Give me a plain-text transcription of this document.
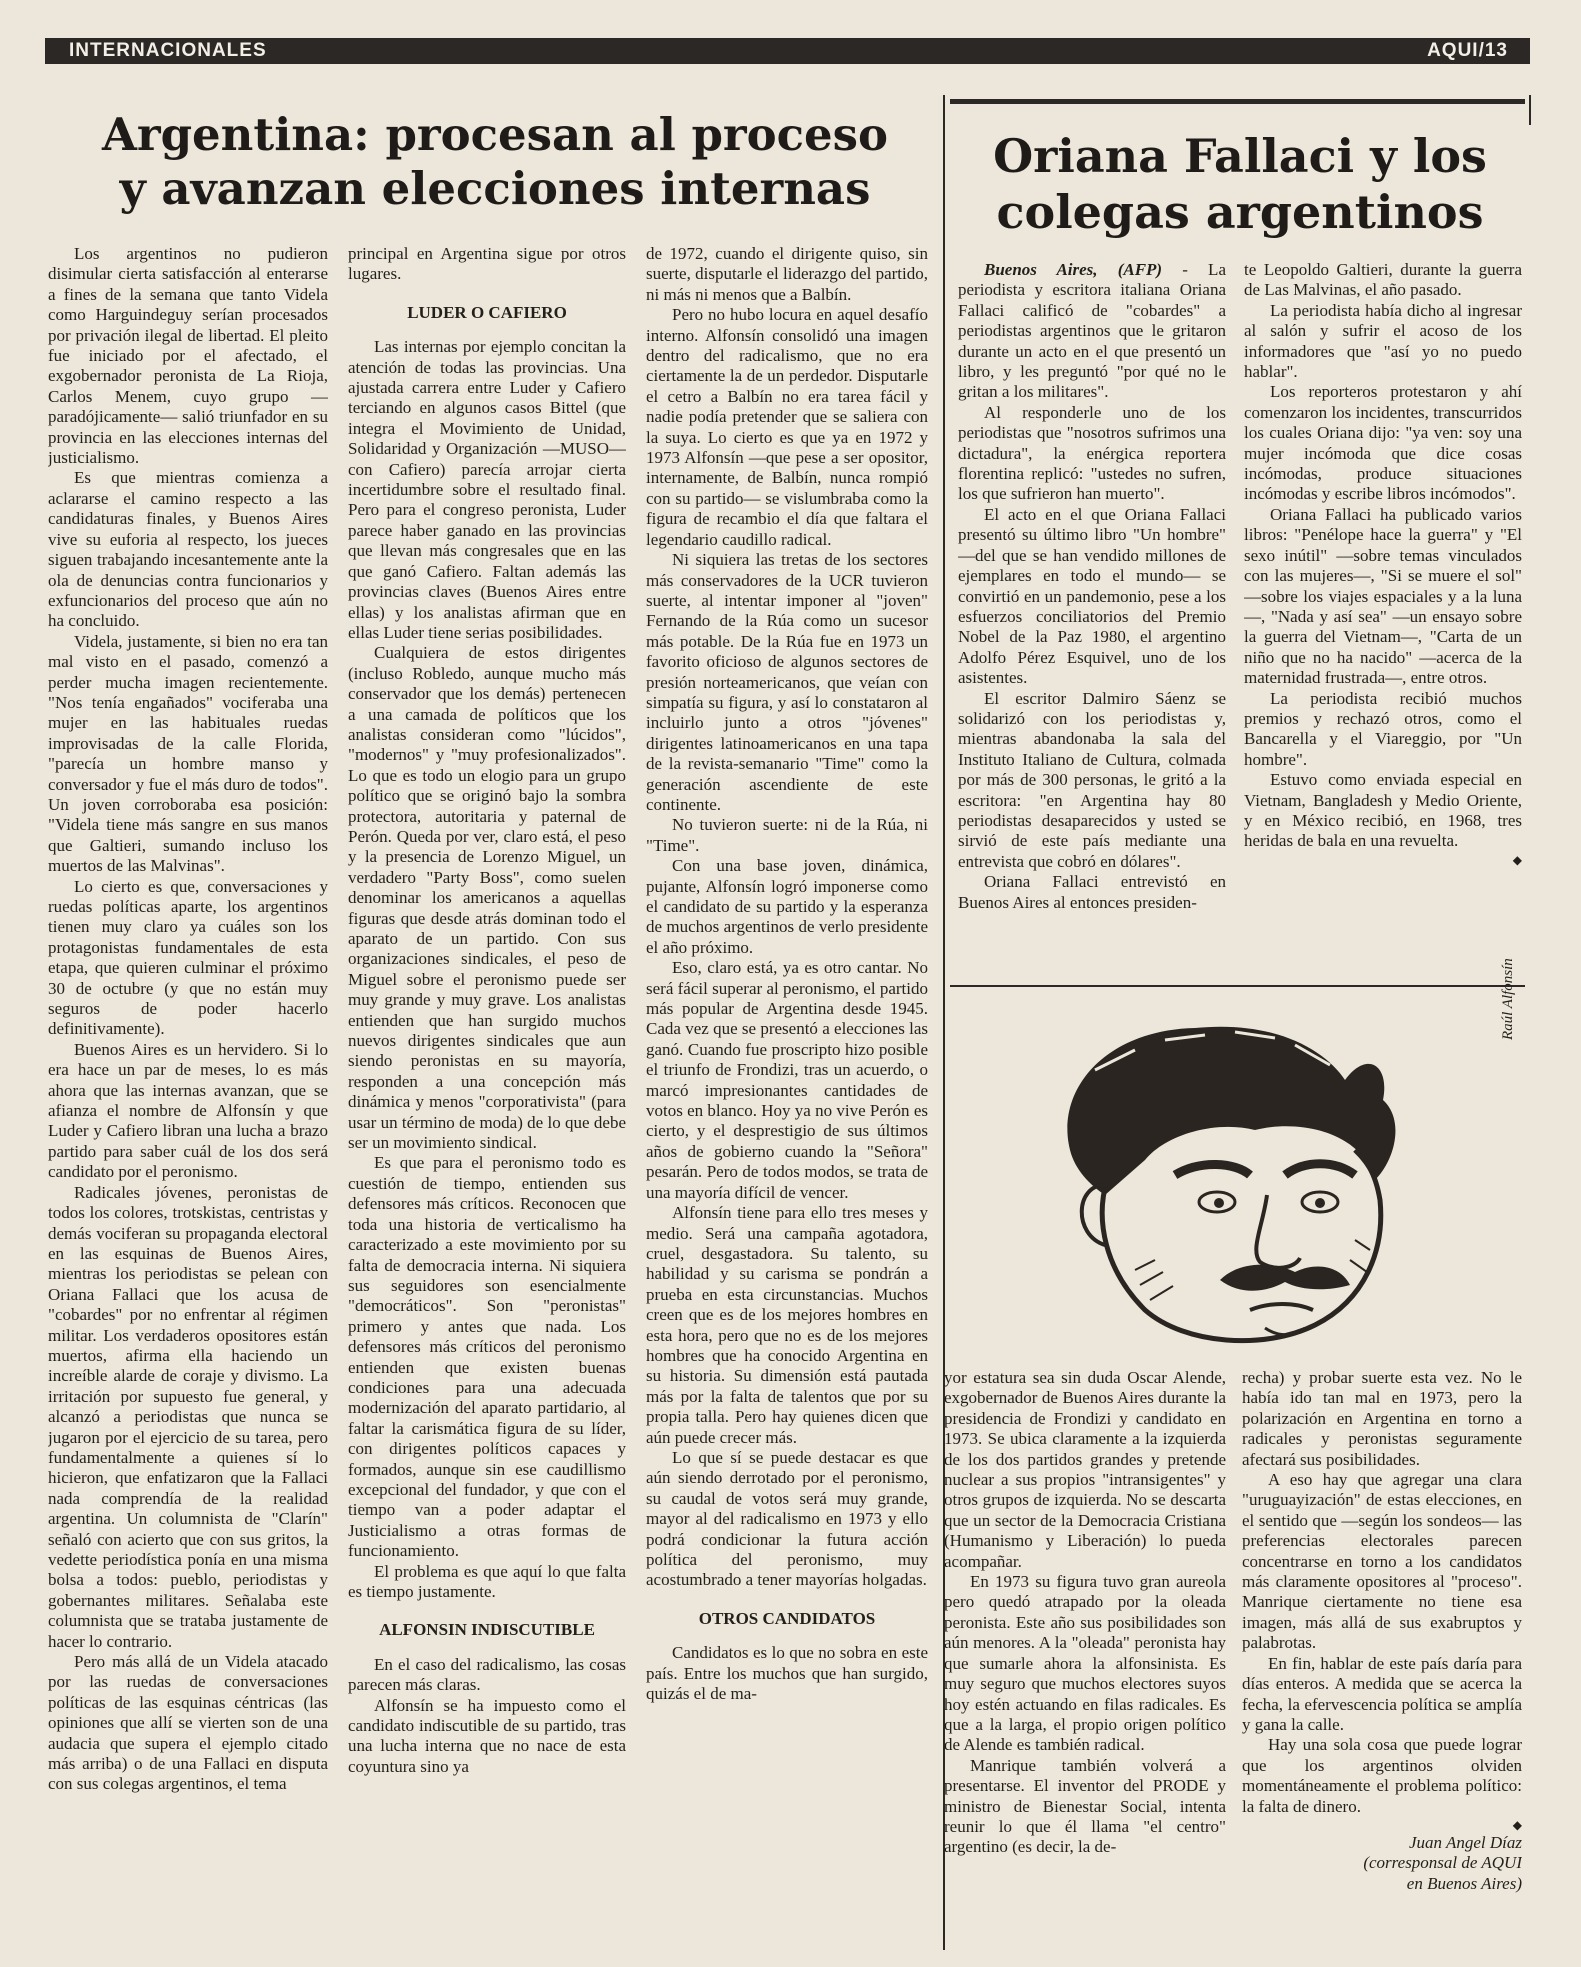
INTERNACIONALES	AQUI/13
Argentina: procesan al proceso
y avanzan elecciones internas
Oriana Fallaci y los
colegas argentinos

Los argentinos no pudieron disimular cierta satisfacción al enterarse a fines de la semana que tanto Videla como Harguindeguy serían procesados por privación ilegal de libertad. El pleito fue iniciado por el afectado, el exgobernador peronista de La Rioja, Carlos Menem, cuyo grupo —paradójicamente— salió triunfador en su provincia en las elecciones internas del justicialismo.

Es que mientras comienza a aclararse el camino respecto a las candidaturas finales, y Buenos Aires vive su euforia al respecto, los jueces siguen trabajando incesantemente ante la ola de denuncias contra funcionarios y exfuncionarios del proceso que aún no ha concluido.

Videla, justamente, si bien no era tan mal visto en el pasado, comenzó a perder mucha imagen recientemente. "Nos tenía engañados" vociferaba una mujer en las habituales ruedas improvisadas de la calle Florida, "parecía un hombre manso y conversador y fue el más duro de todos". Un joven corroboraba esa posición: "Videla tiene más sangre en sus manos que Galtieri, sumando incluso los muertos de las Malvinas".

Lo cierto es que, conversaciones y ruedas políticas aparte, los argentinos tienen muy claro ya cuáles son los protagonistas fundamentales de esta etapa, que quieren culminar el próximo 30 de octubre (y que no están muy seguros de poder hacerlo definitivamente).

Buenos Aires es un hervidero. Si lo era hace un par de meses, lo es más ahora que las internas avanzan, que se afianza el nombre de Alfonsín y que Luder y Cafiero libran una lucha a brazo partido para saber cuál de los dos será candidato por el peronismo.

Radicales jóvenes, peronistas de todos los colores, trotskistas, centristas y demás vociferan su propaganda electoral en las esquinas de Buenos Aires, mientras los periodistas se pelean con Oriana Fallaci que los acusa de "cobardes" por no enfrentar al régimen militar. Los verdaderos opositores están muertos, afirma ella haciendo un increíble alarde de coraje y divismo. La irritación por supuesto fue general, y alcanzó a periodistas que nunca se jugaron por el ejercicio de su tarea, pero fundamentalmente a quienes sí lo hicieron, que enfatizaron que la Fallaci nada comprendía de la realidad argentina. Un columnista de "Clarín" señaló con acierto que con sus gritos, la vedette periodística ponía en una misma bolsa a todos: pueblo, periodistas y gobernantes militares. Señalaba este columnista que se trataba justamente de hacer lo contrario.

Pero más allá de un Videla atacado por las ruedas de conversaciones políticas de las esquinas céntricas (las opiniones que allí se vierten son de una audacia que supera el ejemplo citado más arriba) o de una Fallaci en disputa con sus colegas argentinos, el tema

principal en Argentina sigue por otros lugares.

LUDER O CAFIERO

Las internas por ejemplo concitan la atención de todas las provincias. Una ajustada carrera entre Luder y Cafiero terciando en algunos casos Bittel (que integra el Movimiento de Unidad, Solidaridad y Organización —MUSO— con Cafiero) parecía arrojar cierta incertidumbre sobre el resultado final. Pero para el congreso peronista, Luder parece haber ganado en las provincias que llevan más congresales que en las que ganó Cafiero. Faltan además las provincias claves (Buenos Aires entre ellas) y los analistas afirman que en ellas Luder tiene serias posibilidades.

Cualquiera de estos dirigentes (incluso Robledo, aunque mucho más conservador que los demás) pertenecen a una camada de políticos que los analistas consideran como "lúcidos", "modernos" y "muy profesionalizados". Lo que es todo un elogio para un grupo político que se originó bajo la sombra protectora, autoritaria y paternal de Perón. Queda por ver, claro está, el peso y la presencia de Lorenzo Miguel, un verdadero "Party Boss", como suelen denominar los americanos a aquellas figuras que desde atrás dominan todo el aparato de un partido. Con sus organizaciones sindicales, el peso de Miguel sobre el peronismo puede ser muy grande y muy grave. Los analistas entienden que han surgido muchos nuevos dirigentes sindicales que aun siendo peronistas en su mayoría, responden a una concepción más dinámica y menos "corporativista" (para usar un término de moda) de lo que debe ser un movimiento sindical.

Es que para el peronismo todo es cuestión de tiempo, entienden sus defensores más críticos. Reconocen que toda una historia de verticalismo ha caracterizado a este movimiento por su falta de democracia interna. Ni siquiera sus seguidores son esencialmente "democráticos". Son "peronistas" primero y antes que nada. Los defensores más críticos del peronismo entienden que existen buenas condiciones para una adecuada modernización del aparato partidario, al faltar la carismática figura de su líder, con dirigentes políticos capaces y formados, aunque sin ese caudillismo excepcional del fundador, y que con el tiempo van a poder adaptar el Justicialismo a otras formas de funcionamiento.

El problema es que aquí lo que falta es tiempo justamente.

ALFONSIN INDISCUTIBLE

En el caso del radicalismo, las cosas parecen más claras.

Alfonsín se ha impuesto como el candidato indiscutible de su partido, tras una lucha interna que no nace de esta coyuntura sino ya

de 1972, cuando el dirigente quiso, sin suerte, disputarle el liderazgo del partido, ni más ni menos que a Balbín.

Pero no hubo locura en aquel desafío interno. Alfonsín consolidó una imagen dentro del radicalismo, que no era ciertamente la de un perdedor. Disputarle el cetro a Balbín no era tarea fácil y nadie podía pretender que se saliera con la suya. Lo cierto es que ya en 1972 y 1973 Alfonsín —que pese a ser opositor, internamente, de Balbín, nunca rompió con su partido— se vislumbraba como la figura de recambio el día que faltara el legendario caudillo radical.

Ni siquiera las tretas de los sectores más conservadores de la UCR tuvieron suerte, al intentar imponer al "joven" Fernando de la Rúa como un sucesor más potable. De la Rúa fue en 1973 un favorito oficioso de algunos sectores de presión norteamericanos, que veían con simpatía su figura, y así lo constataron al incluirlo junto a otros "jóvenes" dirigentes latinoamericanos en una tapa de la revista-semanario "Time" como la generación ascendiente de este continente.

No tuvieron suerte: ni de la Rúa, ni "Time".

Con una base joven, dinámica, pujante, Alfonsín logró imponerse como el candidato de su partido y la esperanza de muchos argentinos de verlo presidente el año próximo.

Eso, claro está, ya es otro cantar. No será fácil superar al peronismo, el partido más popular de Argentina desde 1945. Cada vez que se presentó a elecciones las ganó. Cuando fue proscripto hizo posible el triunfo de Frondizi, tras un acuerdo, o marcó impresionantes cantidades de votos en blanco. Hoy ya no vive Perón es cierto, y el desprestigio de sus últimos años de gobierno cuando la "Señora" pesarán. Pero de todos modos, se trata de una mayoría difícil de vencer.

Alfonsín tiene para ello tres meses y medio. Será una campaña agotadora, cruel, desgastadora. Su talento, su habilidad y su carisma se pondrán a prueba en esta circunstancias. Muchos creen que es de los mejores hombres en esta hora, pero que no es de los mejores hombres que ha conocido Argentina en su historia. Su dimensión está pautada más por la falta de talentos que por su propia talla. Pero hay quienes dicen que aún puede crecer más.

Lo que sí se puede destacar es que aún siendo derrotado por el peronismo, su caudal de votos será muy grande, mayor al del radicalismo en 1973 y ello podrá condicionar la futura acción política del peronismo, muy acostumbrado a tener mayorías holgadas.

OTROS CANDIDATOS

Candidatos es lo que no sobra en este país. Entre los muchos que han surgido, quizás el de ma-

Buenos Aires, (AFP) - La periodista y escritora italiana Oriana Fallaci calificó de "cobardes" a periodistas argentinos que le gritaron durante un acto en el que presentó un libro, y les preguntó "por qué no le gritan a los militares".

Al responderle uno de los periodistas que "nosotros sufrimos una dictadura", la enérgica reportera florentina replicó: "ustedes no sufren, los que sufrieron han muerto".

El acto en el que Oriana Fallaci presentó su último libro "Un hombre" —del que se han vendido millones de ejemplares en todo el mundo— se convirtió en un pandemonio, pese a los esfuerzos conciliatorios del Premio Nobel de la Paz 1980, el argentino Adolfo Pérez Esquivel, uno de los asistentes.

El escritor Dalmiro Sáenz se solidarizó con los periodistas y, mientras abandonaba la sala del Instituto Italiano de Cultura, colmada por más de 300 personas, le gritó a la escritora: "en Argentina hay 80 periodistas desaparecidos y usted se sirvió de este país mediante una entrevista que cobró en dólares".

Oriana Fallaci entrevistó en Buenos Aires al entonces presiden-

te Leopoldo Galtieri, durante la guerra de Las Malvinas, el año pasado.

La periodista había dicho al ingresar al salón y sufrir el acoso de los informadores que "así yo no puedo hablar".

Los reporteros protestaron y ahí comenzaron los incidentes, transcurridos los cuales Oriana dijo: "ya ven: soy una mujer incómoda que dice cosas incómodas, produce situaciones incómodas y escribe libros incómodos".

Oriana Fallaci ha publicado varios libros: "Penélope hace la guerra" y "El sexo inútil" —sobre temas vinculados con las mujeres—, "Si se muere el sol" —sobre los viajes espaciales y a la luna—, "Nada y así sea" —un ensayo sobre la guerra del Vietnam—, "Carta de un niño que no ha nacido" —acerca de la maternidad frustrada—, entre otros.

La periodista recibió muchos premios y rechazó otros, como el Bancarella y el Viareggio, por "Un hombre".

Estuvo como enviada especial en Vietnam, Bangladesh y Medio Oriente, y en México recibió, en 1968, tres heridas de bala en una revuelta.

◆

Raúl Alfonsín

yor estatura sea sin duda Oscar Alende, exgobernador de Buenos Aires durante la presidencia de Frondizi y candidato en 1973. Se ubica claramente a la izquierda de los dos partidos grandes y pretende nuclear a sus propios "intransigentes" y otros grupos de izquierda. No se descarta que un sector de la Democracia Cristiana (Humanismo y Liberación) lo pueda acompañar.

En 1973 su figura tuvo gran aureola pero quedó atrapado por la oleada peronista. Este año sus posibilidades son aún menores. A la "oleada" peronista hay que sumarle ahora la alfonsinista. Es muy seguro que muchos electores suyos hoy estén actuando en filas radicales. Es que a la larga, el propio origen político de Alende es también radical.

Manrique también volverá a presentarse. El inventor del PRODE y ministro de Bienestar Social, intenta reunir lo que él llama "el centro" argentino (es decir, la de-

recha) y probar suerte esta vez. No le había ido tan mal en 1973, pero la polarización en Argentina en torno a radicales y peronistas seguramente afectará sus posibilidades.

A eso hay que agregar una clara "uruguayización" de estas elecciones, en el sentido que —según los sondeos— las preferencias electorales parecen concentrarse en torno a los candidatos más claramente opositores al "proceso". Manrique ciertamente no tiene esa imagen, más allá de sus exabruptos y palabrotas.

En fin, hablar de este país daría para días enteros. A medida que se acerca la fecha, la efervescencia política se amplía y gana la calle.

Hay una sola cosa que puede lograr que los argentinos olviden momentáneamente el problema político: la falta de dinero.

◆

Juan Angel Díaz

(corresponsal de AQUI

en Buenos Aires)
